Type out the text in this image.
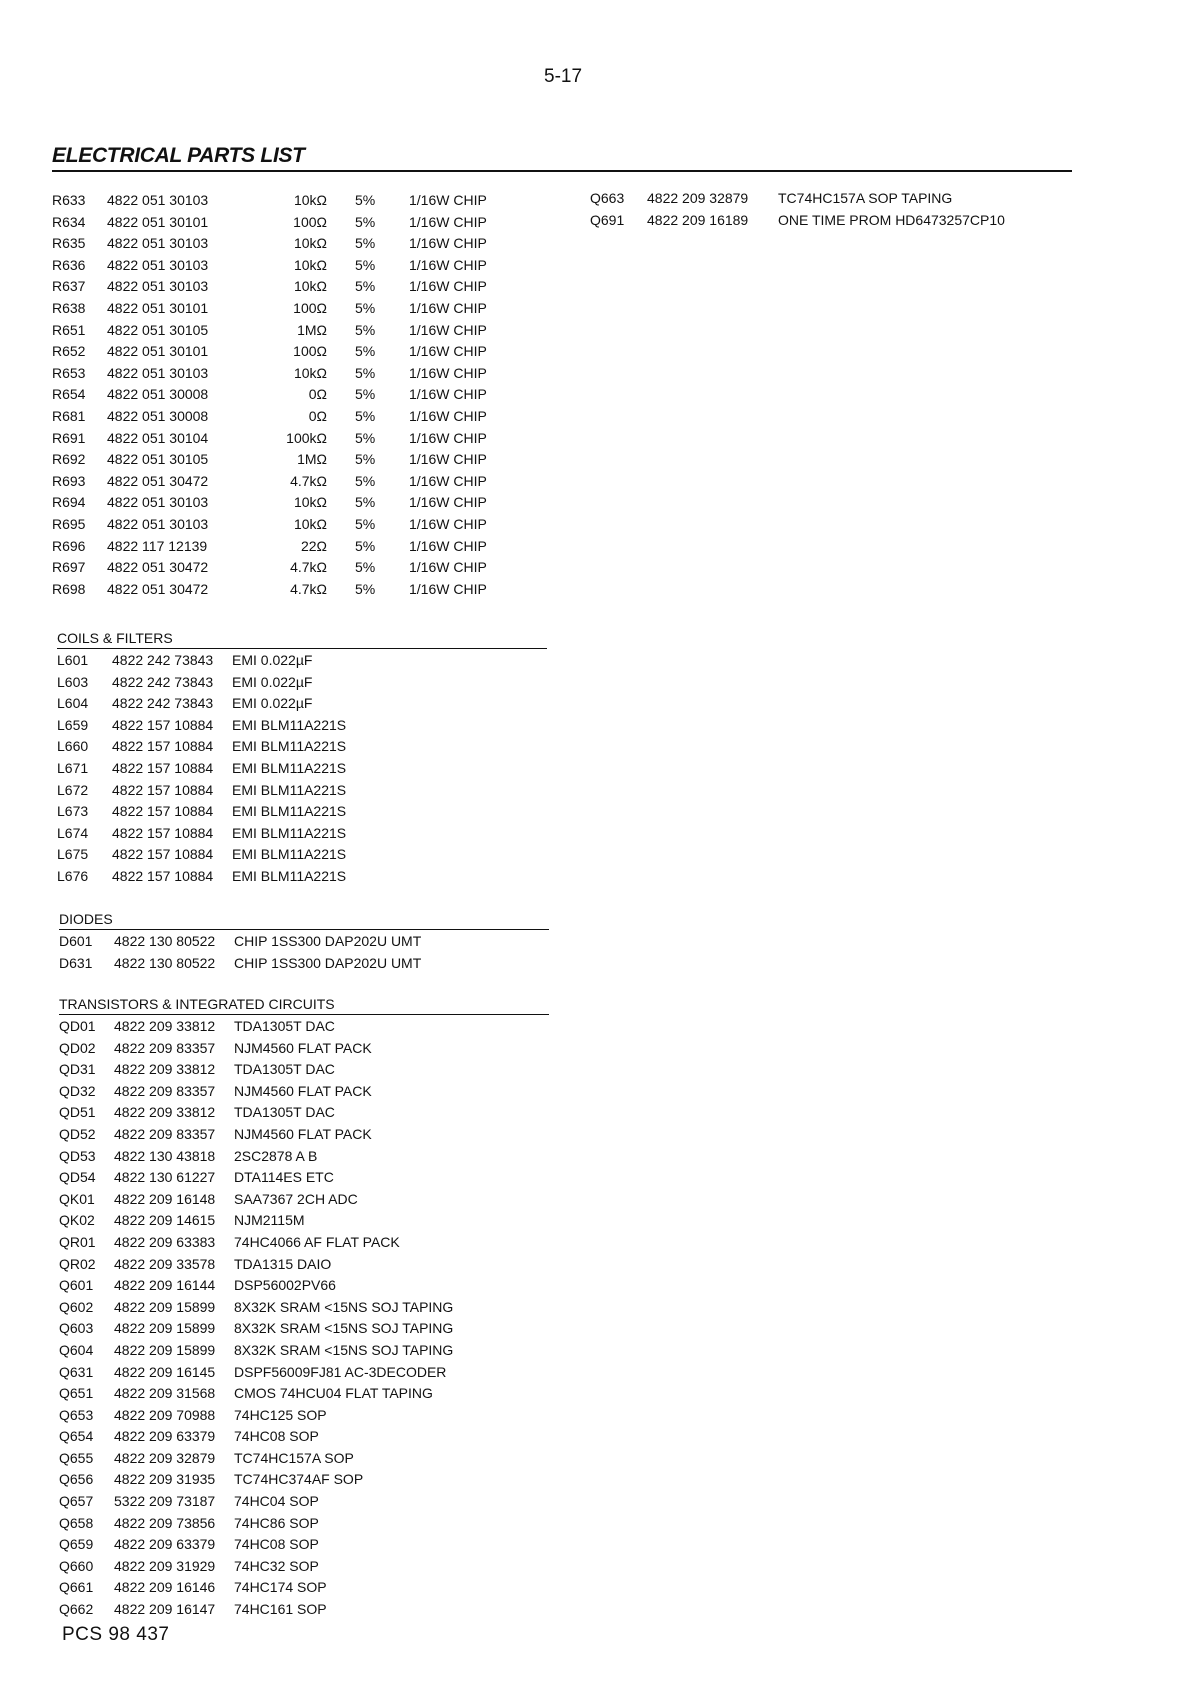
5-17
ELECTRICAL PARTS LIST
R633 4822 051 30103	10kΩ 5% 1/16W CHIP
R634 4822 051 30101	100Ω 5% 1/16W CHIP
R635 4822 051 30103	10kΩ 5% 1/16W CHIP
R636 4822 051 30103	10kΩ 5% 1/16W CHIP
R637 4822 051 30103	10kΩ 5% 1/16W CHIP
R638 4822 051 30101	100Ω 5% 1/16W CHIP
R651 4822 051 30105	1MΩ 5% 1/16W CHIP
R652 4822 051 30101	100Ω 5% 1/16W CHIP
R653 4822 051 30103	10kΩ 5% 1/16W CHIP
R654 4822 051 30008	0Ω 5% 1/16W CHIP
R681 4822 051 30008	0Ω 5% 1/16W CHIP
R691 4822 051 30104	100kΩ 5% 1/16W CHIP
R692 4822 051 30105	1MΩ 5% 1/16W CHIP
R693 4822 051 30472	4.7kΩ 5% 1/16W CHIP
R694 4822 051 30103	10kΩ 5% 1/16W CHIP
R695 4822 051 30103	10kΩ 5% 1/16W CHIP
R696 4822 117 12139	22Ω 5% 1/16W CHIP
R697 4822 051 30472	4.7kΩ 5% 1/16W CHIP
R698 4822 051 30472	4.7kΩ 5% 1/16W CHIP
COILS & FILTERS
L601 4822 242 73843 EMI 0.022µF
L603 4822 242 73843 EMI 0.022µF
L604 4822 242 73843 EMI 0.022µF
L659 4822 157 10884 EMI BLM11A221S
L660 4822 157 10884 EMI BLM11A221S
L671 4822 157 10884 EMI BLM11A221S
L672 4822 157 10884 EMI BLM11A221S
L673 4822 157 10884 EMI BLM11A221S
L674 4822 157 10884 EMI BLM11A221S
L675 4822 157 10884 EMI BLM11A221S
L676 4822 157 10884 EMI BLM11A221S
DIODES
D601 4822 130 80522 CHIP 1SS300 DAP202U UMT
D631 4822 130 80522 CHIP 1SS300 DAP202U UMT
TRANSISTORS & INTEGRATED CIRCUITS
QD01 4822 209 33812 TDA1305T DAC
QD02 4822 209 83357 NJM4560 FLAT PACK
QD31 4822 209 33812 TDA1305T DAC
QD32 4822 209 83357 NJM4560 FLAT PACK
QD51 4822 209 33812 TDA1305T DAC
QD52 4822 209 83357 NJM4560 FLAT PACK
QD53 4822 130 43818 2SC2878 A B
QD54 4822 130 61227 DTA114ES ETC
QK01 4822 209 16148 SAA7367 2CH ADC
QK02 4822 209 14615 NJM2115M
QR01 4822 209 63383 74HC4066 AF FLAT PACK
QR02 4822 209 33578 TDA1315 DAIO
Q601 4822 209 16144 DSP56002PV66
Q602 4822 209 15899 8X32K SRAM <15NS SOJ TAPING
Q603 4822 209 15899 8X32K SRAM <15NS SOJ TAPING
Q604 4822 209 15899 8X32K SRAM <15NS SOJ TAPING
Q631 4822 209 16145 DSPF56009FJ81 AC-3DECODER
Q651 4822 209 31568 CMOS 74HCU04 FLAT TAPING
Q653 4822 209 70988 74HC125 SOP
Q654 4822 209 63379 74HC08 SOP
Q655 4822 209 32879 TC74HC157A SOP
Q656 4822 209 31935 TC74HC374AF SOP
Q657 5322 209 73187 74HC04 SOP
Q658 4822 209 73856 74HC86 SOP
Q659 4822 209 63379 74HC08 SOP
Q660 4822 209 31929 74HC32 SOP
Q661 4822 209 16146 74HC174 SOP
Q662 4822 209 16147 74HC161 SOP
Q663 4822 209 32879 TC74HC157A SOP TAPING
Q691 4822 209 16189 ONE TIME PROM HD6473257CP10
PCS 98 437
